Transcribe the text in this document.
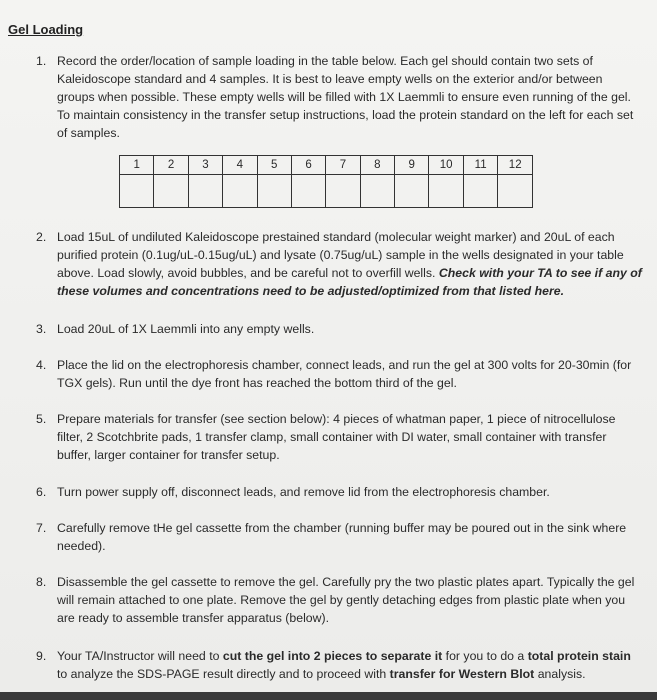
Gel Loading
1. Record the order/location of sample loading in the table below. Each gel should contain two sets of Kaleidoscope standard and 4 samples. It is best to leave empty wells on the exterior and/or between groups when possible. These empty wells will be filled with 1X Laemmli to ensure even running of the gel. To maintain consistency in the transfer setup instructions, load the protein standard on the left for each set of samples.
1	2	3	4	5	6	7	8	9	10	11	12

2. Load 15uL of undiluted Kaleidoscope prestained standard (molecular weight marker) and 20uL of each purified protein (0.1ug/uL-0.15ug/uL) and lysate (0.75ug/uL) sample in the wells designated in your table above. Load slowly, avoid bubbles, and be careful not to overfill wells. Check with your TA to see if any of these volumes and concentrations need to be adjusted/optimized from that listed here.
3. Load 20uL of 1X Laemmli into any empty wells.
4. Place the lid on the electrophoresis chamber, connect leads, and run the gel at 300 volts for 20-30min (for TGX gels). Run until the dye front has reached the bottom third of the gel.
5. Prepare materials for transfer (see section below): 4 pieces of whatman paper, 1 piece of nitrocellulose filter, 2 Scotchbrite pads, 1 transfer clamp, small container with DI water, small container with transfer buffer, larger container for transfer setup.
6. Turn power supply off, disconnect leads, and remove lid from the electrophoresis chamber.
7. Carefully remove tHe gel cassette from the chamber (running buffer may be poured out in the sink where needed).
8. Disassemble the gel cassette to remove the gel. Carefully pry the two plastic plates apart. Typically the gel will remain attached to one plate. Remove the gel by gently detaching edges from plastic plate when you are ready to assemble transfer apparatus (below).
9. Your TA/Instructor will need to cut the gel into 2 pieces to separate it for you to do a total protein stain to analyze the SDS-PAGE result directly and to proceed with transfer for Western Blot analysis.
